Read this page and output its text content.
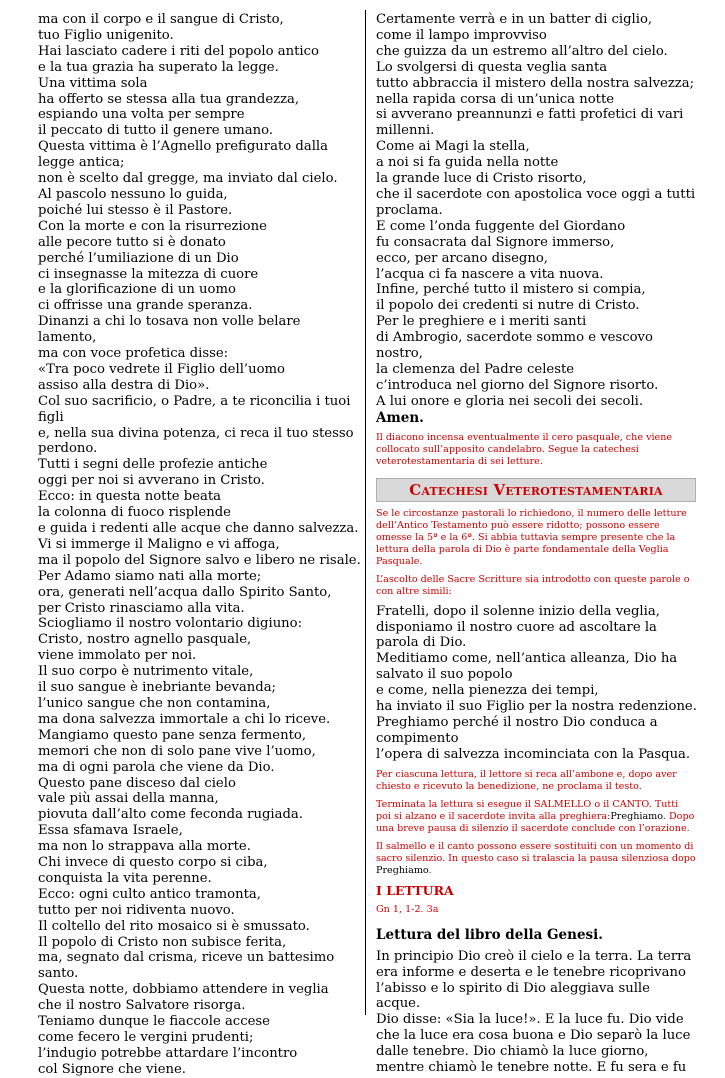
ma con il corpo e il sangue di Cristo,
tuo Figlio unigenito.
Hai lasciato cadere i riti del popolo antico
e la tua grazia ha superato la legge.
Una vittima sola
ha offerto se stessa alla tua grandezza,
espiando una volta per sempre
il peccato di tutto il genere umano.
Questa vittima è l’Agnello prefigurato dalla
legge antica;
non è scelto dal gregge, ma inviato dal cielo.
Al pascolo nessuno lo guida,
poiché lui stesso è il Pastore.
Con la morte e con la risurrezione
alle pecore tutto si è donato
perché l’umiliazione di un Dio
ci insegnasse la mitezza di cuore
e la glorificazione di un uomo
ci offrisse una grande speranza.
Dinanzi a chi lo tosava non volle belare
lamento,
ma con voce profetica disse:
«Tra poco vedrete il Figlio dell’uomo
assiso alla destra di Dio».
Col suo sacrificio, o Padre, a te riconcilia i tuoi
figli
e, nella sua divina potenza, ci reca il tuo stesso
perdono.
Tutti i segni delle profezie antiche
oggi per noi si avverano in Cristo.
Ecco: in questa notte beata
la colonna di fuoco risplende
e guida i redenti alle acque che danno salvezza.
Vi si immerge il Maligno e vi affoga,
ma il popolo del Signore salvo e libero ne risale.
Per Adamo siamo nati alla morte;
ora, generati nell’acqua dallo Spirito Santo,
per Cristo rinasciamo alla vita.
Sciogliamo il nostro volontario digiuno:
Cristo, nostro agnello pasquale,
viene immolato per noi.
Il suo corpo è nutrimento vitale,
il suo sangue è inebriante bevanda;
l’unico sangue che non contamina,
ma dona salvezza immortale a chi lo riceve.
Mangiamo questo pane senza fermento,
memori che non di solo pane vive l’uomo,
ma di ogni parola che viene da Dio.
Questo pane disceso dal cielo
vale più assai della manna,
piovuta dall’alto come feconda rugiada.
Essa sfamava Israele,
ma non lo strappava alla morte.
Chi invece di questo corpo si ciba,
conquista la vita perenne.
Ecco: ogni culto antico tramonta,
tutto per noi ridiventa nuovo.
Il coltello del rito mosaico si è smussato.
Il popolo di Cristo non subisce ferita,
ma, segnato dal crisma, riceve un battesimo
santo.
Questa notte, dobbiamo attendere in veglia
che il nostro Salvatore risorga.
Teniamo dunque le fiaccole accese
come fecero le vergini prudenti;
l’indugio potrebbe attardare l’incontro
col Signore che viene.
Certamente verrà e in un batter di ciglio,
come il lampo improvviso
che guizza da un estremo all’altro del cielo.
Lo svolgersi di questa veglia santa
tutto abbraccia il mistero della nostra salvezza;
nella rapida corsa di un’unica notte
si avverano preannunzi e fatti profetici di vari
millenni.
Come ai Magi la stella,
a noi si fa guida nella notte
la grande luce di Cristo risorto,
che il sacerdote con apostolica voce oggi a tutti
proclama.
E come l’onda fuggente del Giordano
fu consacrata dal Signore immerso,
ecco, per arcano disegno,
l’acqua ci fa nascere a vita nuova.
Infine, perché tutto il mistero si compia,
il popolo dei credenti si nutre di Cristo.
Per le preghiere e i meriti santi
di Ambrogio, sacerdote sommo e vescovo
nostro,
la clemenza del Padre celeste
c’introduca nel giorno del Signore risorto.
A lui onore e gloria nei secoli dei secoli.
Amen.
Il diacono incensa eventualmente il cero pasquale, che viene collocato sull’apposito candelabro. Segue la catechesi veterotestamentaria di sei letture.
Catechesi Veterotestamentaria
Se le circostanze pastorali lo richiedono, il numero delle letture dell’Antico Testamento può essere ridotto; possono essere omesse la 5ª e la 6ª. Si abbia tuttavia sempre presente che la lettura della parola di Dio è parte fondamentale della Veglia Pasquale.
L’ascolto delle Sacre Scritture sia introdotto con queste parole o con altre simili:
Fratelli, dopo il solenne inizio della veglia,
disponiamo il nostro cuore ad ascoltare la
parola di Dio.
Meditiamo come, nell’antica alleanza, Dio ha
salvato il suo popolo
e come, nella pienezza dei tempi,
ha inviato il suo Figlio per la nostra redenzione.
Preghiamo perché il nostro Dio conduca a
compimento
l’opera di salvezza incominciata con la Pasqua.
Per ciascuna lettura, il lettore si reca all’ambone e, dopo aver chiesto e ricevuto la benedizione, ne proclama il testo.
Terminata la lettura si esegue il SALMELLO o il CANTO. Tutti poi si alzano e il sacerdote invita alla preghiera:Preghiamo. Dopo una breve pausa di silenzio il sacerdote conclude con l’orazione.
Il salmello e il canto possono essere sostituiti con un momento di sacro silenzio. In questo caso si tralascia la pausa silenziosa dopo Preghiamo.
I LETTURA
Gn 1, 1-2. 3a
Lettura del libro della Genesi.
In principio Dio creò il cielo e la terra. La terra
era informe e deserta e le tenebre ricoprivano
l’abisso e lo spirito di Dio aleggiava sulle
acque.
Dio disse: «Sia la luce!». E la luce fu. Dio vide
che la luce era cosa buona e Dio separò la luce
dalle tenebre. Dio chiamò la luce giorno,
mentre chiamò le tenebre notte. E fu sera e fu
